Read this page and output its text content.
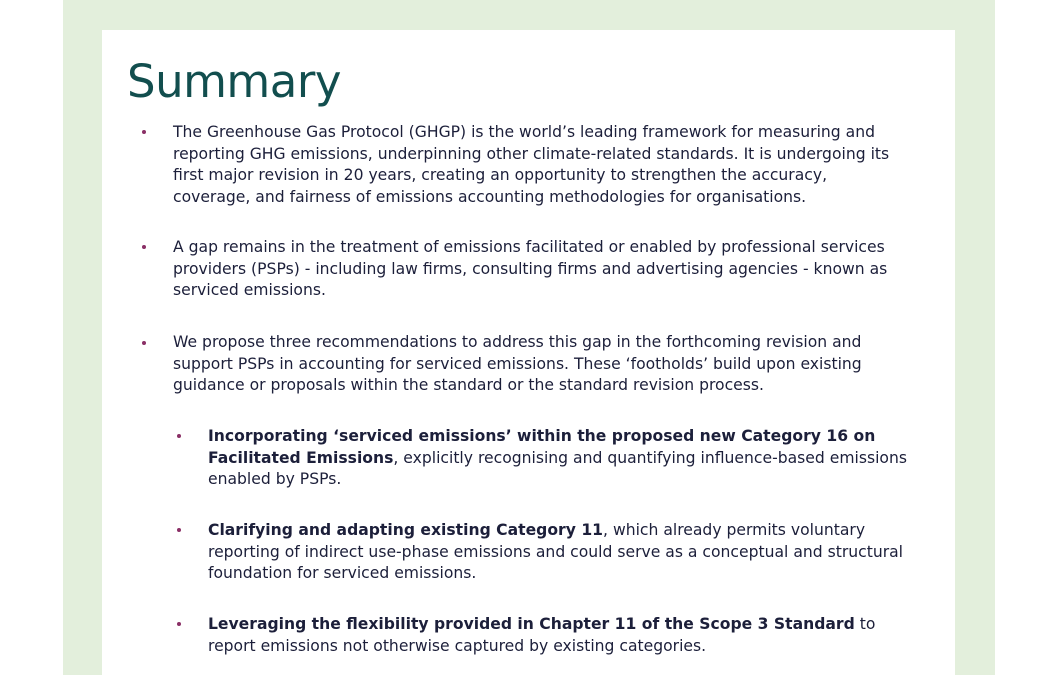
Summary
The Greenhouse Gas Protocol (GHGP) is the world’s leading framework for measuring and reporting GHG emissions, underpinning other climate-related standards. It is undergoing its first major revision in 20 years, creating an opportunity to strengthen the accuracy, coverage, and fairness of emissions accounting methodologies for organisations.
A gap remains in the treatment of emissions facilitated or enabled by professional services providers (PSPs) - including law firms, consulting firms and advertising agencies - known as serviced emissions.
We propose three recommendations to address this gap in the forthcoming revision and support PSPs in accounting for serviced emissions. These ‘footholds’ build upon existing guidance or proposals within the standard or the standard revision process.
Incorporating ‘serviced emissions’ within the proposed new Category 16 on Facilitated Emissions, explicitly recognising and quantifying influence-based emissions enabled by PSPs.
Clarifying and adapting existing Category 11, which already permits voluntary reporting of indirect use-phase emissions and could serve as a conceptual and structural foundation for serviced emissions.
Leveraging the flexibility provided in Chapter 11 of the Scope 3 Standard to report emissions not otherwise captured by existing categories.
